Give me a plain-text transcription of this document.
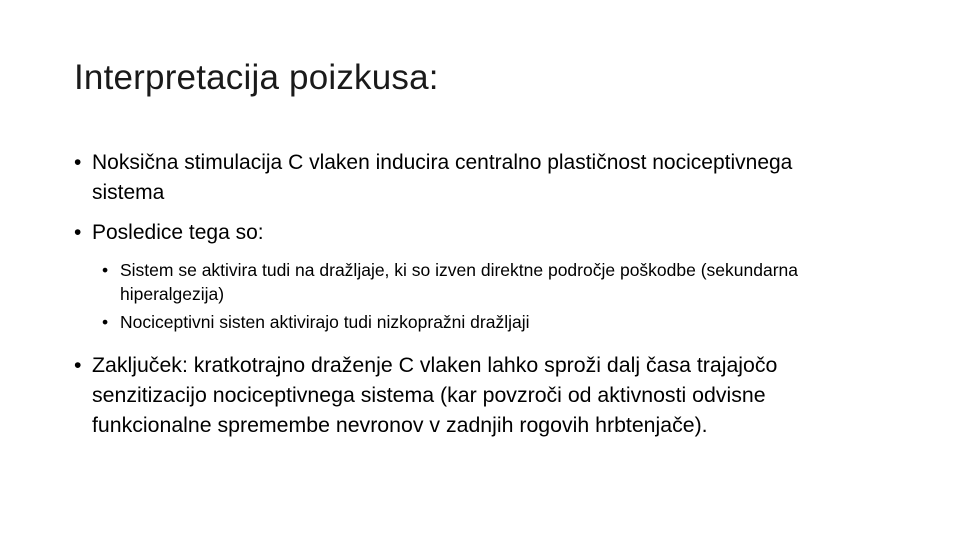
Interpretacija poizkusa:
• Noksična stimulacija C vlaken inducira centralno plastičnost nociceptivnega sistema
• Posledice tega so:
• Sistem se aktivira tudi na dražljaje, ki so izven direktne področje poškodbe (sekundarna hiperalgezija)
• Nociceptivni sisten aktivirajo tudi nizkopražni dražljaji
• Zaključek: kratkotrajno draženje C vlaken lahko sproži dalj časa trajajočo senzitizacijo nociceptivnega sistema (kar povzroči od aktivnosti odvisne funkcionalne spremembe nevronov v zadnjih rogovih hrbtenjače).
